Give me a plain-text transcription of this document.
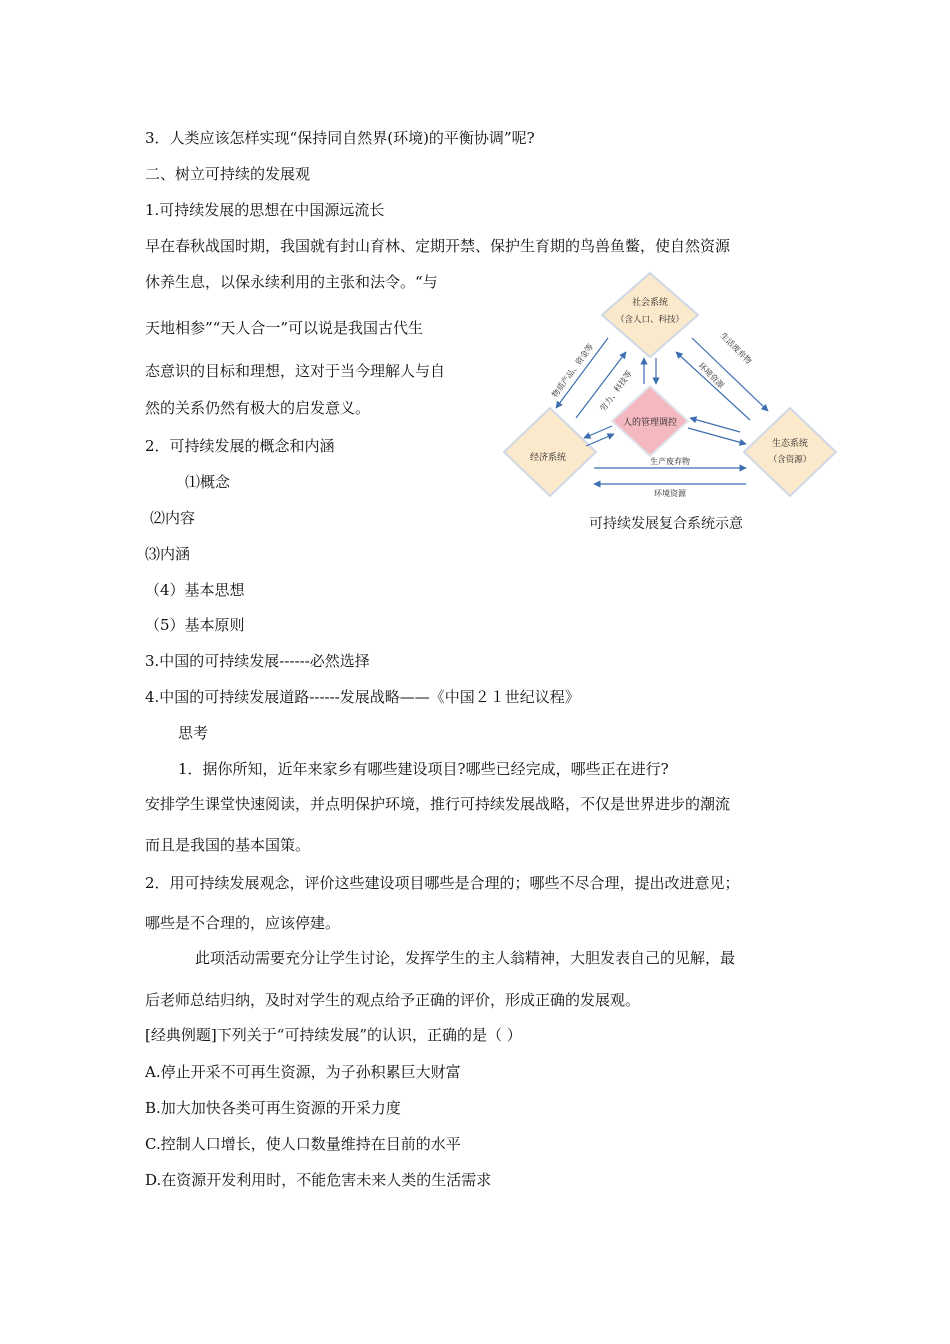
3．人类应该怎样实现“保持同自然界(环境)的平衡协调”呢?
二、树立可持续的发展观
1.可持续发展的思想在中国源远流长
早在春秋战国时期，我国就有封山育林、定期开禁、保护生育期的鸟兽鱼鳖，使自然资源
休养生息，以保永续利用的主张和法令。“与
天地相参”“天人合一”可以说是我国古代生
态意识的目标和理想，这对于当今理解人与自
然的关系仍然有极大的启发意义。
2．可持续发展的概念和内涵
⑴概念
⑵内容
⑶内涵
（4）基本思想
（5）基本原则
3.中国的可持续发展------必然选择
4.中国的可持续发展道路------发展战略——《中国２１世纪议程》
思考
1．据你所知，近年来家乡有哪些建设项目?哪些已经完成，哪些正在进行?
安排学生课堂快速阅读，并点明保护环境，推行可持续发展战略，不仅是世界进步的潮流
而且是我国的基本国策。
2．用可持续发展观念，评价这些建设项目哪些是合理的；哪些不尽合理，提出改进意见；
哪些是不合理的，应该停建。
此项活动需要充分让学生讨论，发挥学生的主人翁精神，大胆发表自己的见解，最
后老师总结归纳，及时对学生的观点给予正确的评价，形成正确的发展观。
[经典例题]下列关于“可持续发展”的认识，正确的是（ ）
A.停止开采不可再生资源，为子孙积累巨大财富
B.加大加快各类可再生资源的开采力度
C.控制人口增长，使人口数量维持在目前的水平
D.在资源开发利用时，不能危害未来人类的生活需求
社会系统
（含人口、科技）
经济系统
生态系统
（含资源）
人的管理调控
物质产品、资金等 劳力、科技等
生活废弃物
环境资源
生产废弃物
环境资源
可持续发展复合系统示意
